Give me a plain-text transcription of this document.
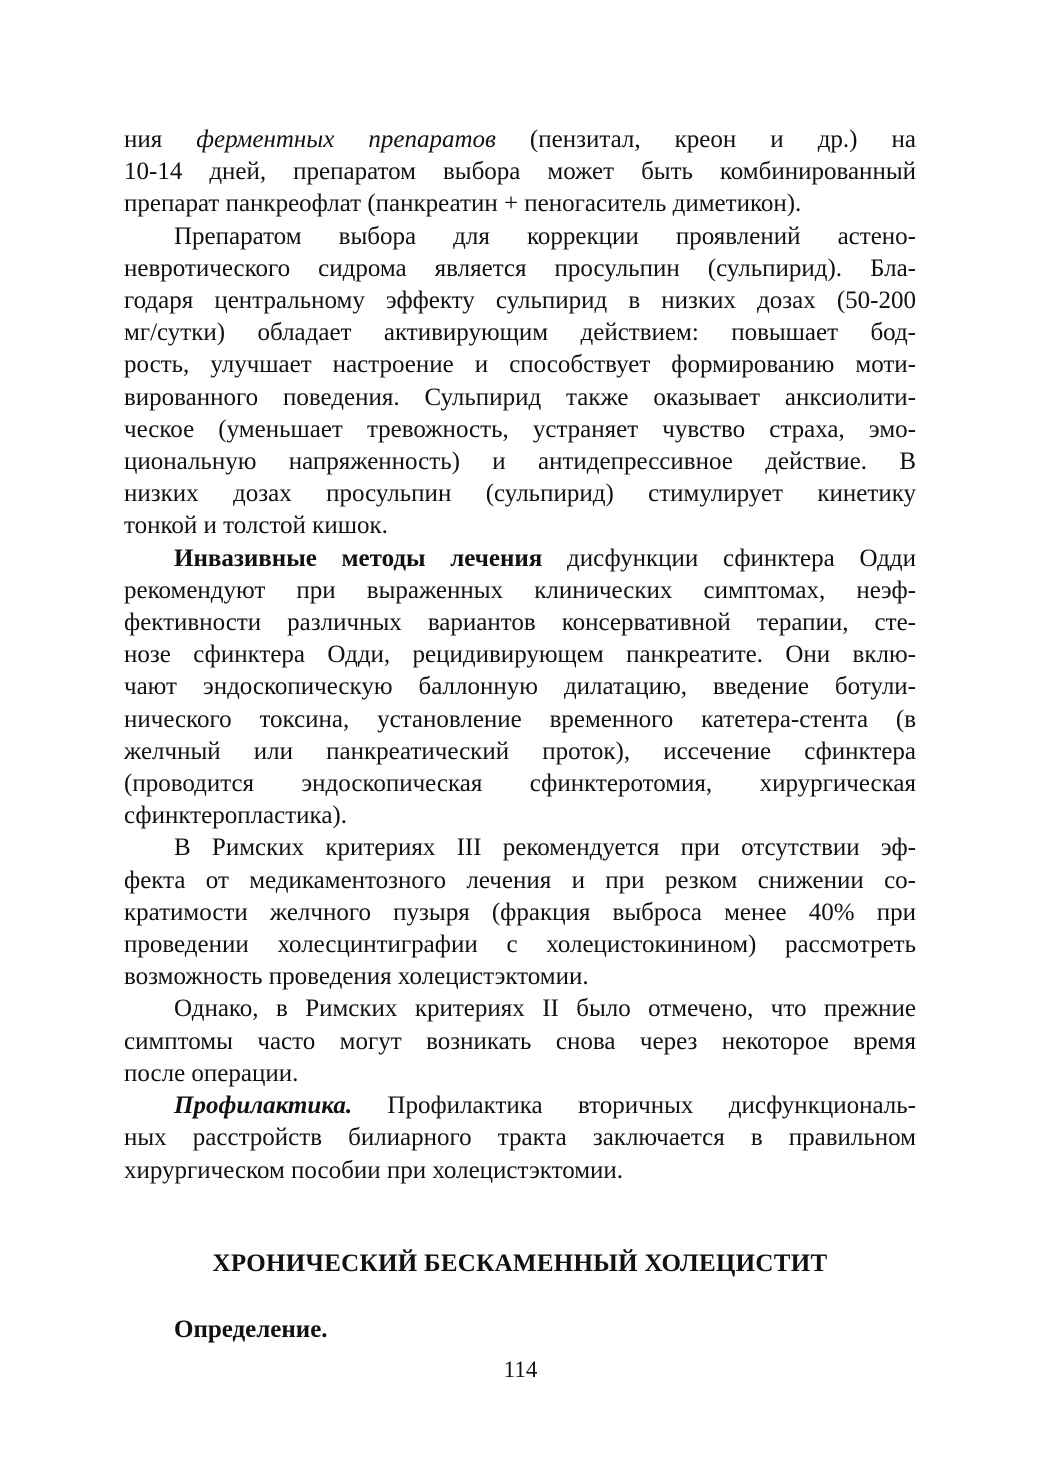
ния ферментных препаратов (пензитал, креон и др.) на
10-14 дней, препаратом выбора может быть комбинированный
препарат панкреофлат (панкреатин + пеногаситель диметикон).

Препаратом выбора для коррекции проявлений астено-
невротического сидрома является просульпин (сульпирид). Бла-
годаря центральному эффекту сульпирид в низких дозах (50-200
мг/сутки) обладает активирующим действием: повышает бод-
рость, улучшает настроение и способствует формированию моти-
вированного поведения. Сульпирид также оказывает анксиолити-
ческое (уменьшает тревожность, устраняет чувство страха, эмо-
циональную напряженность) и антидепрессивное действие. В
низких дозах просульпин (сульпирид) стимулирует кинетику
тонкой и толстой кишок.

Инвазивные методы лечения дисфункции сфинктера Одди
рекомендуют при выраженных клинических симптомах, неэф-
фективности различных вариантов консервативной терапии, сте-
нозе сфинктера Одди, рецидивирующем панкреатите. Они вклю-
чают эндоскопическую баллонную дилатацию, введение ботули-
нического токсина, установление временного катетера-стента (в
желчный или панкреатический проток), иссечение сфинктера
(проводится эндоскопическая сфинктеротомия, хирургическая
сфинктеропластика).

В Римских критериях III рекомендуется при отсутствии эф-
фекта от медикаментозного лечения и при резком снижении со-
кратимости желчного пузыря (фракция выброса менее 40% при
проведении холесцинтиграфии с холецистокинином) рассмотреть
возможность проведения холецистэктомии.

Однако, в Римских критериях II было отмечено, что прежние
симптомы часто могут возникать снова через некоторое время
после операции.

Профилактика. Профилактика вторичных дисфункциональ-
ных расстройств билиарного тракта заключается в правильном
хирургическом пособии при холецистэктомии.

ХРОНИЧЕСКИЙ БЕСКАМЕННЫЙ ХОЛЕЦИСТИТ
Определение.
114
